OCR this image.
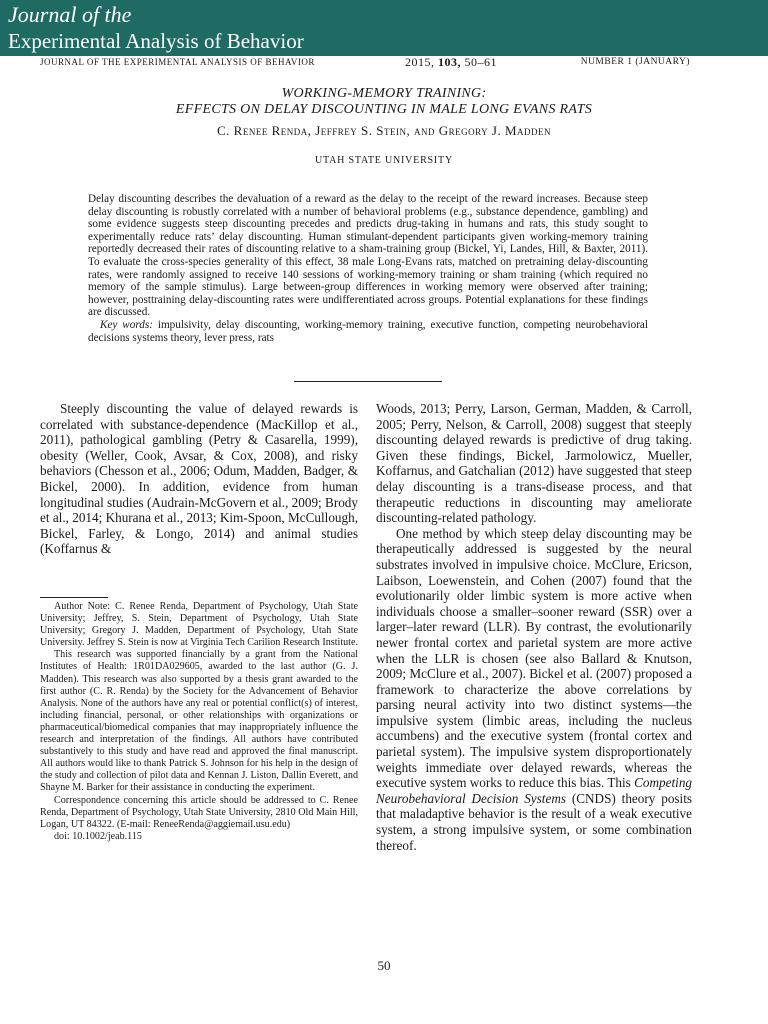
Journal of the
Experimental Analysis of Behavior
JOURNAL OF THE EXPERIMENTAL ANALYSIS OF BEHAVIOR	2015, 103, 50–61	NUMBER 1 (JANUARY)
WORKING-MEMORY TRAINING:
EFFECTS ON DELAY DISCOUNTING IN MALE LONG EVANS RATS
C. Renee Renda, Jeffrey S. Stein, and Gregory J. Madden
UTAH STATE UNIVERSITY

Delay discounting describes the devaluation of a reward as the delay to the receipt of the reward increases. Because steep delay discounting is robustly correlated with a number of behavioral problems (e.g., substance dependence, gambling) and some evidence suggests steep discounting precedes and predicts drug-taking in humans and rats, this study sought to experimentally reduce rats’ delay discounting. Human stimulant-dependent participants given working-memory training reportedly decreased their rates of discounting relative to a sham-training group (Bickel, Yi, Landes, Hill, & Baxter, 2011). To evaluate the cross-species generality of this effect, 38 male Long-Evans rats, matched on pretraining delay-discounting rates, were randomly assigned to receive 140 sessions of working-memory training or sham training (which required no memory of the sample stimulus). Large between-group differences in working memory were observed after training; however, posttraining delay-discounting rates were undifferentiated across groups. Potential explanations for these findings are discussed.

Key words: impulsivity, delay discounting, working-memory training, executive function, competing neurobehavioral decisions systems theory, lever press, rats

Steeply discounting the value of delayed rewards is correlated with substance-dependence (MacKillop et al., 2011), pathological gambling (Petry & Casarella, 1999), obesity (Weller, Cook, Avsar, & Cox, 2008), and risky behaviors (Chesson et al., 2006; Odum, Madden, Badger, & Bickel, 2000). In addition, evidence from human longitudinal studies (Audrain-McGovern et al., 2009; Brody et al., 2014; Khurana et al., 2013; Kim-Spoon, McCullough, Bickel, Farley, & Longo, 2014) and animal studies (Koffarnus &

Author Note: C. Renee Renda, Department of Psychology, Utah State University; Jeffrey, S. Stein, Department of Psychology, Utah State University; Gregory J. Madden, Department of Psychology, Utah State University. Jeffrey S. Stein is now at Virginia Tech Carilion Research Institute.

This research was supported financially by a grant from the National Institutes of Health: 1R01DA029605, awarded to the last author (G. J. Madden). This research was also supported by a thesis grant awarded to the first author (C. R. Renda) by the Society for the Advancement of Behavior Analysis. None of the authors have any real or potential conflict(s) of interest, including financial, personal, or other relationships with organizations or pharmaceutical/biomedical companies that may inappropriately influence the research and interpretation of the findings. All authors have contributed substantively to this study and have read and approved the final manuscript. All authors would like to thank Patrick S. Johnson for his help in the design of the study and collection of pilot data and Kennan J. Liston, Dallin Everett, and Shayne M. Barker for their assistance in conducting the experiment.

Correspondence concerning this article should be addressed to C. Renee Renda, Department of Psychology, Utah State University, 2810 Old Main Hill, Logan, UT 84322. (E-mail: ReneeRenda@aggiemail.usu.edu)

doi: 10.1002/jeab.115

Woods, 2013; Perry, Larson, German, Madden, & Carroll, 2005; Perry, Nelson, & Carroll, 2008) suggest that steeply discounting delayed rewards is predictive of drug taking. Given these findings, Bickel, Jarmolowicz, Mueller, Koffarnus, and Gatchalian (2012) have suggested that steep delay discounting is a trans-disease process, and that therapeutic reductions in discounting may ameliorate discounting-related pathology.

One method by which steep delay discounting may be therapeutically addressed is suggested by the neural substrates involved in impulsive choice. McClure, Ericson, Laibson, Loewenstein, and Cohen (2007) found that the evolutionarily older limbic system is more active when individuals choose a smaller–sooner reward (SSR) over a larger–later reward (LLR). By contrast, the evolutionarily newer frontal cortex and parietal system are more active when the LLR is chosen (see also Ballard & Knutson, 2009; McClure et al., 2007). Bickel et al. (2007) proposed a framework to characterize the above correlations by parsing neural activity into two distinct systems—the impulsive system (limbic areas, including the nucleus accumbens) and the executive system (frontal cortex and parietal system). The impulsive system disproportionately weights immediate over delayed rewards, whereas the executive system works to reduce this bias. This Competing Neurobehavioral Decision Systems (CNDS) theory posits that maladaptive behavior is the result of a weak executive system, a strong impulsive system, or some combination thereof.

50
